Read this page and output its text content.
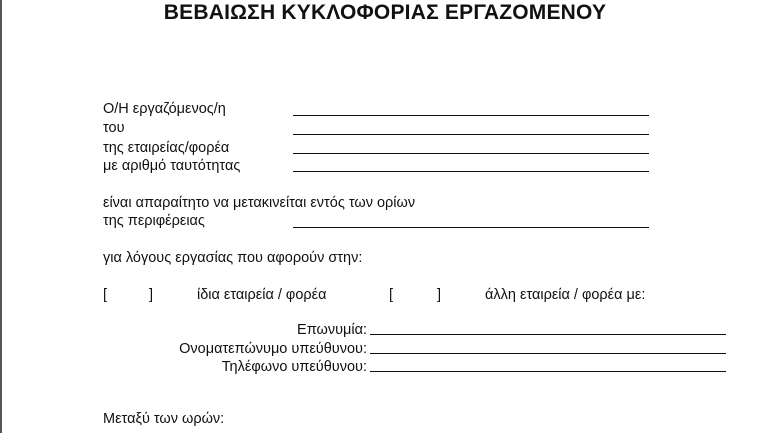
ΒΕΒΑΙΩΣΗ ΚΥΚΛΟΦΟΡΙΑΣ ΕΡΓΑΖΟΜΕΝΟΥ
Ο/Η εργαζόμενος/η
του
της εταιρείας/φορέα
με αριθμό ταυτότητας
είναι απαραίτητο να μετακινείται εντός των ορίων
της περιφέρειας
για λόγους εργασίας που αφορούν στην:
[	]	ίδια εταιρεία / φορέα	[	]	άλλη εταιρεία / φορέα με:
Επωνυμία:
Ονοματεπώνυμο υπεύθυνου:
Τηλέφωνο υπεύθυνου:
Μεταξύ των ωρών:
